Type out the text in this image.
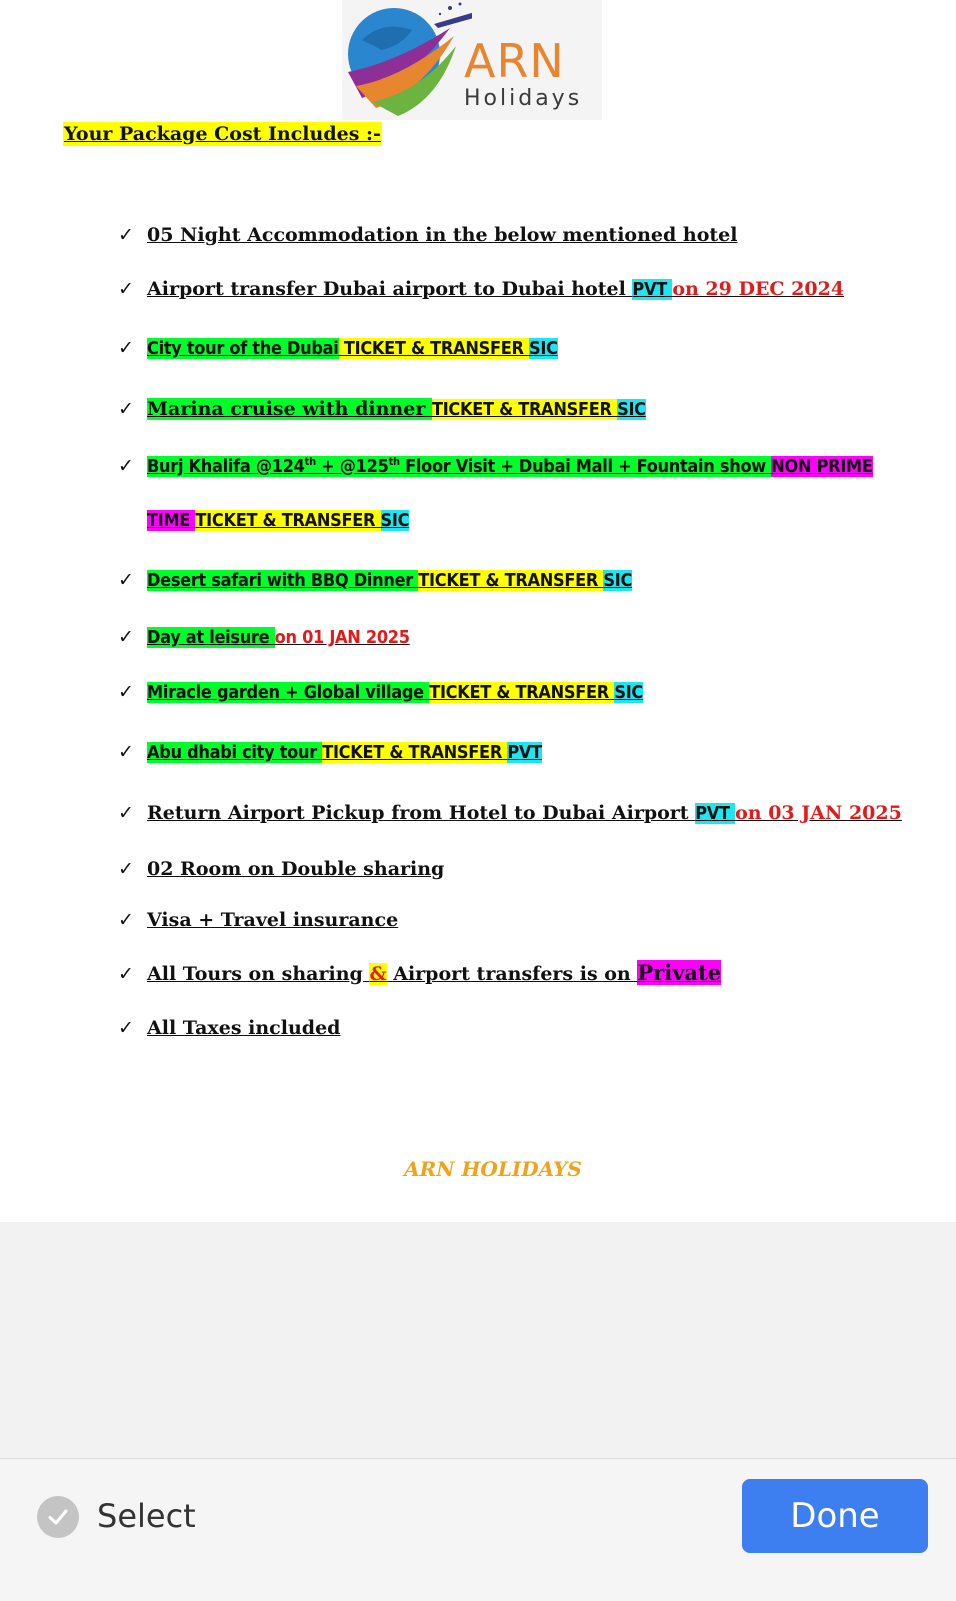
ARN
Holidays
Your Package Cost Includes :-
✓ 05 Night Accommodation in the below mentioned hotel
✓ Airport transfer Dubai airport to Dubai hotel PVT on 29 DEC 2024
✓ City tour of the Dubai TICKET & TRANSFER SIC
✓ Marina cruise with dinner TICKET & TRANSFER SIC
✓ Burj Khalifa @124th + @125th Floor Visit + Dubai Mall + Fountain show NON PRIME
TIME TICKET & TRANSFER SIC
✓ Desert safari with BBQ Dinner TICKET & TRANSFER SIC
✓ Day at leisure on 01 JAN 2025
✓ Miracle garden + Global village TICKET & TRANSFER SIC
✓ Abu dhabi city tour TICKET & TRANSFER PVT
✓ Return Airport Pickup from Hotel to Dubai Airport PVT on 03 JAN 2025
✓ 02 Room on Double sharing
✓ Visa + Travel insurance
✓ All Tours on sharing & Airport transfers is on Private
✓ All Taxes included
ARN HOLIDAYS
Select	Done
